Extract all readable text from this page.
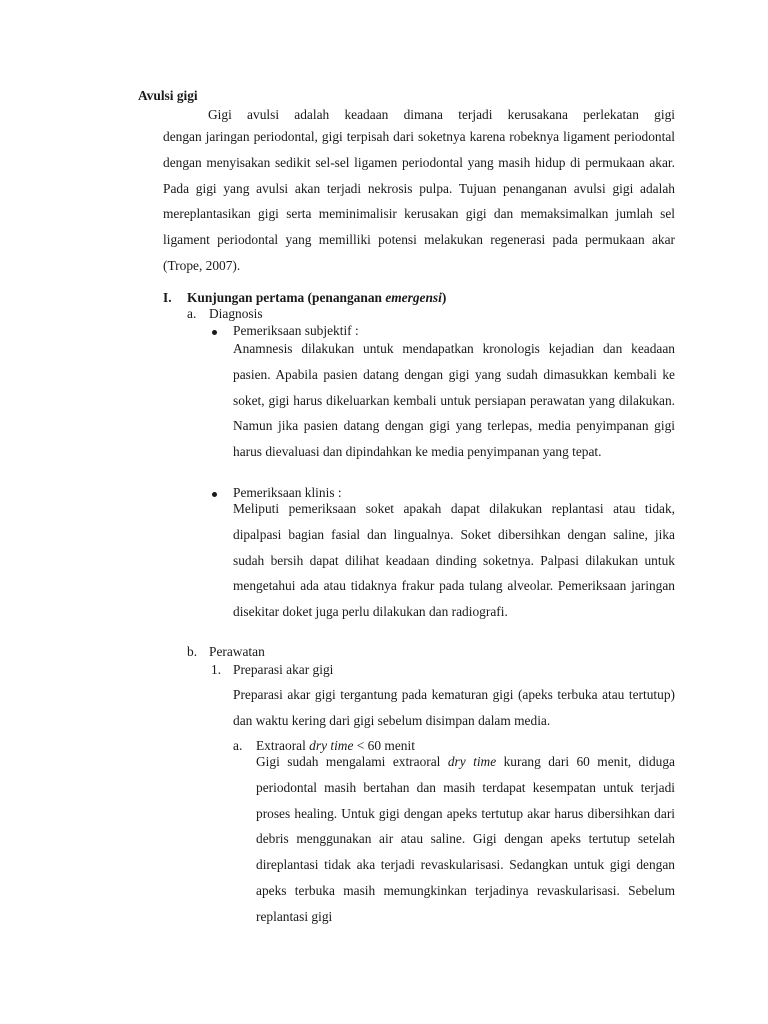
Avulsi gigi
Gigi avulsi adalah keadaan dimana terjadi kerusakana perlekatan gigi
dengan jaringan periodontal, gigi terpisah dari soketnya karena robeknya ligament periodontal dengan menyisakan sedikit sel-sel ligamen periodontal yang masih hidup di permukaan akar. Pada gigi yang avulsi akan terjadi nekrosis pulpa. Tujuan penanganan avulsi gigi adalah mereplantasikan gigi serta meminimalisir kerusakan gigi dan memaksimalkan jumlah sel ligament periodontal yang memilliki potensi melakukan regenerasi pada permukaan akar (Trope, 2007).
I. Kunjungan pertama (penanganan emergensi)
a. Diagnosis
Pemeriksaan subjektif :
Anamnesis dilakukan untuk mendapatkan kronologis kejadian dan keadaan pasien. Apabila pasien datang dengan gigi yang sudah dimasukkan kembali ke soket, gigi harus dikeluarkan kembali untuk persiapan perawatan yang dilakukan. Namun jika pasien datang dengan gigi yang terlepas, media penyimpanan gigi harus dievaluasi dan dipindahkan ke media penyimpanan yang tepat.
Pemeriksaan klinis :
Meliputi pemeriksaan soket apakah dapat dilakukan replantasi atau tidak, dipalpasi bagian fasial dan lingualnya. Soket dibersihkan dengan saline, jika sudah bersih dapat dilihat keadaan dinding soketnya. Palpasi dilakukan untuk mengetahui ada atau tidaknya frakur pada tulang alveolar. Pemeriksaan jaringan disekitar doket juga perlu dilakukan dan radiografi.
b. Perawatan
1. Preparasi akar gigi
Preparasi akar gigi tergantung pada kematuran gigi (apeks terbuka atau tertutup) dan waktu kering dari gigi sebelum disimpan dalam media.
a. Extraoral dry time < 60 menit
Gigi sudah mengalami extraoral dry time kurang dari 60 menit, diduga periodontal masih bertahan dan masih terdapat kesempatan untuk terjadi proses healing. Untuk gigi dengan apeks tertutup akar harus dibersihkan dari debris menggunakan air atau saline. Gigi dengan apeks tertutup setelah direplantasi tidak aka terjadi revaskularisasi. Sedangkan untuk gigi dengan apeks terbuka masih memungkinkan terjadinya revaskularisasi. Sebelum replantasi gigi
